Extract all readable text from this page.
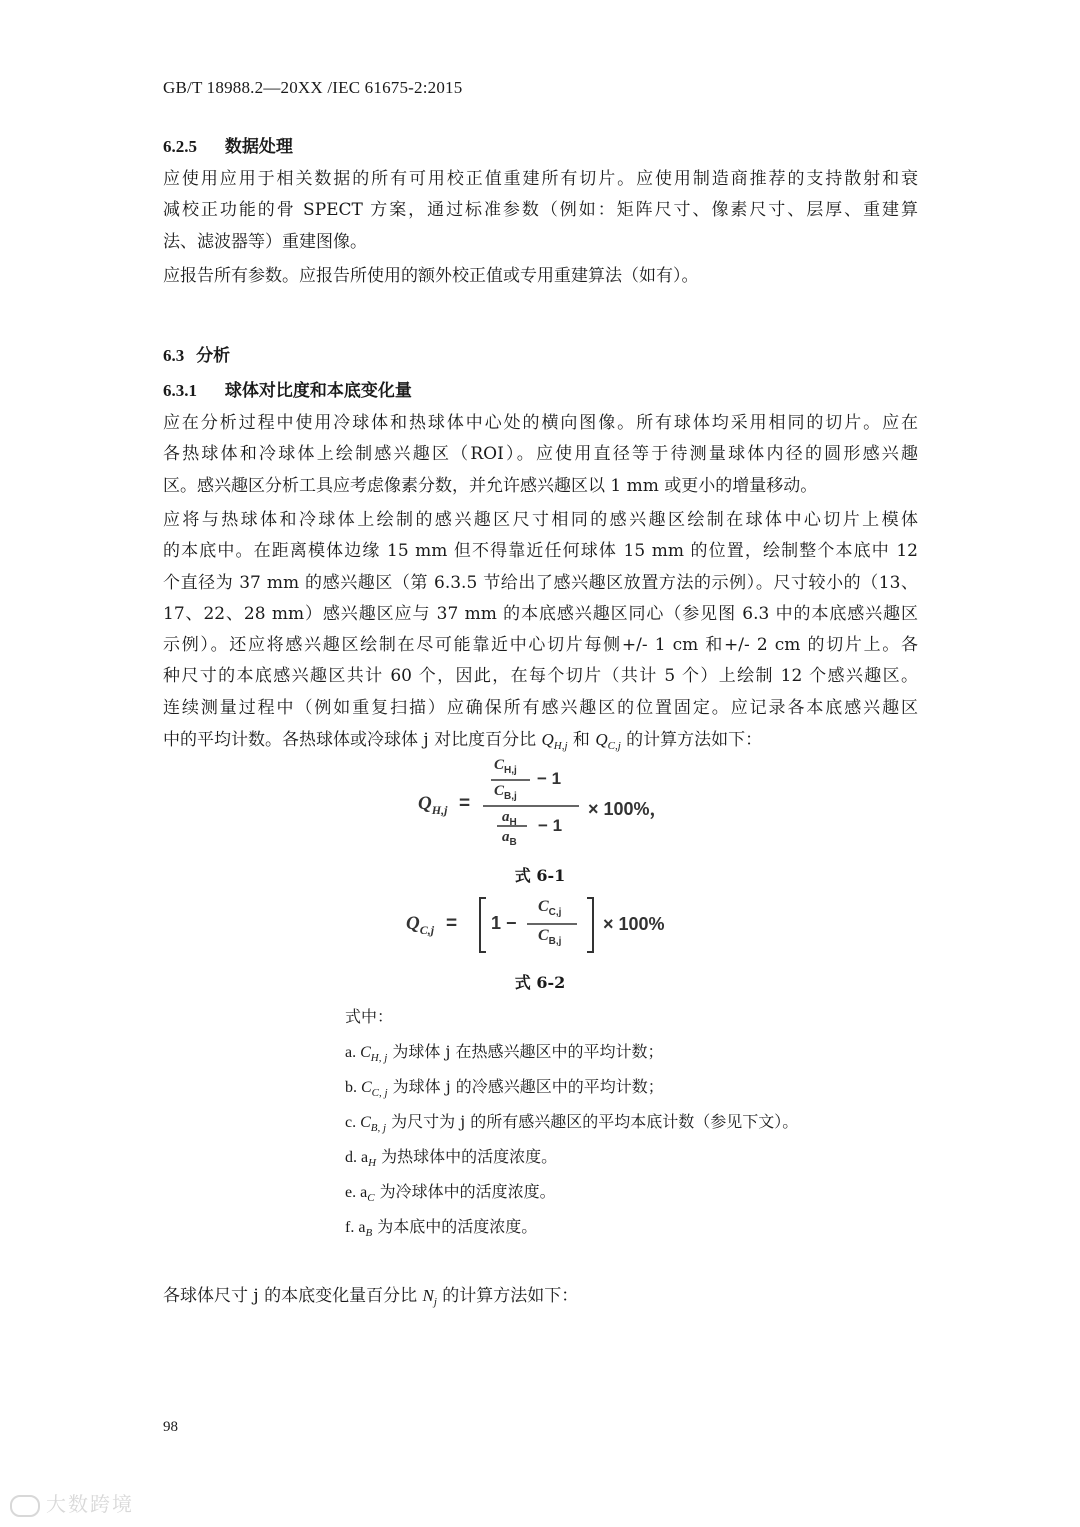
GB/T 18988.2—20XX /IEC 61675-2:2015
6.2.5 数据处理
应使用应用于相关数据的所有可用校正值重建所有切片。应使用制造商推荐的支持散射和衰
减校正功能的骨 SPECT 方案，通过标准参数（例如：矩阵尺寸、像素尺寸、层厚、重建算
法、滤波器等）重建图像。
应报告所有参数。应报告所使用的额外校正值或专用重建算法（如有）。
6.3 分析
6.3.1 球体对比度和本底变化量
应在分析过程中使用冷球体和热球体中心处的横向图像。所有球体均采用相同的切片。应在
各热球体和冷球体上绘制感兴趣区（ROI）。应使用直径等于待测量球体内径的圆形感兴趣
区。感兴趣区分析工具应考虑像素分数，并允许感兴趣区以 1 mm 或更小的增量移动。
应将与热球体和冷球体上绘制的感兴趣区尺寸相同的感兴趣区绘制在球体中心切片上模体
的本底中。在距离模体边缘 15 mm 但不得靠近任何球体 15 mm 的位置，绘制整个本底中 12
个直径为 37 mm 的感兴趣区（第 6.3.5 节给出了感兴趣区放置方法的示例）。尺寸较小的（13、
17、22、28 mm）感兴趣区应与 37 mm 的本底感兴趣区同心（参见图 6.3 中的本底感兴趣区
示例）。还应将感兴趣区绘制在尽可能靠近中心切片每侧+/- 1 cm 和+/- 2 cm 的切片上。各
种尺寸的本底感兴趣区共计 60 个，因此，在每个切片（共计 5 个）上绘制 12 个感兴趣区。
连续测量过程中（例如重复扫描）应确保所有感兴趣区的位置固定。应记录各本底感兴趣区
中的平均计数。各热球体或冷球体 j 对比度百分比 $Q_{H,j}$ 和 $Q_{C,j}$ 的计算方法如下：
$Q_{H,j}$ =
$C_{H,j}$
$C_{B,j}$
− 1
$a_H$
$a_B$
− 1
× 100%，
式 6-1
$Q_{C,j} = 1$ −
$C_{C,j}$
$C_{B,j}$
× 100%
式 6-2
式中：
a. $C_{H, j}$ 为球体 j 在热感兴趣区中的平均计数；
b. $C_{C, j}$ 为球体 j 的冷感兴趣区中的平均计数；
c. $C_{B, j}$ 为尺寸为 j 的所有感兴趣区的平均本底计数（参见下文）。
d. $a_H$ 为热球体中的活度浓度。
e. $a_C$ 为冷球体中的活度浓度。
f. $a_B$ 为本底中的活度浓度。
各球体尺寸 j 的本底变化量百分比 $N_j$ 的计算方法如下：
98
大数跨境
